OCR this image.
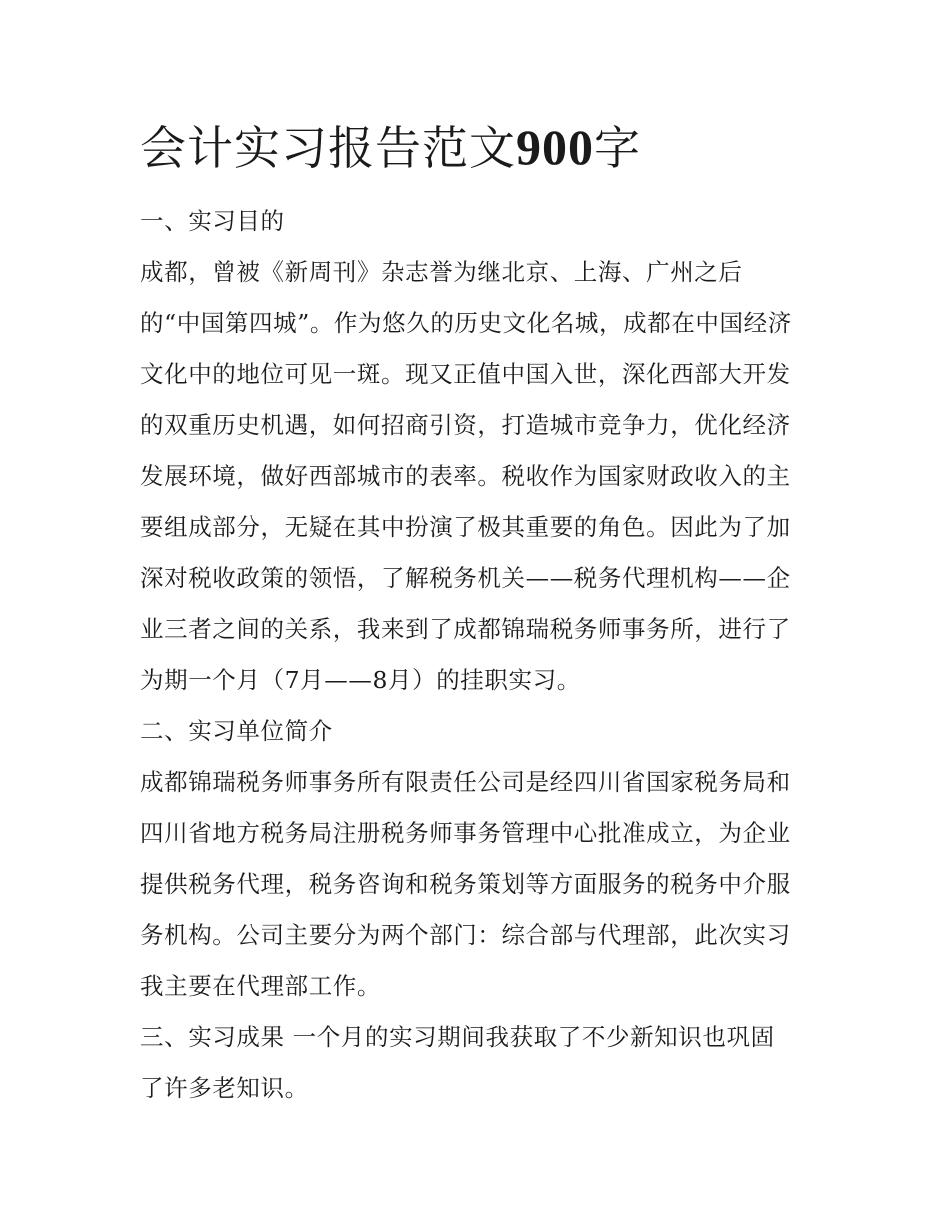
会计实习报告范文900字
一、实习目的
成都，曾被《新周刊》杂志誉为继北京、上海、广州之后
的“中国第四城”。作为悠久的历史文化名城，成都在中国经济
文化中的地位可见一斑。现又正值中国入世，深化西部大开发
的双重历史机遇，如何招商引资，打造城市竞争力，优化经济
发展环境，做好西部城市的表率。税收作为国家财政收入的主
要组成部分，无疑在其中扮演了极其重要的角色。因此为了加
深对税收政策的领悟，了解税务机关——税务代理机构——企
业三者之间的关系，我来到了成都锦瑞税务师事务所，进行了
为期一个月（7月——8月）的挂职实习。
二、实习单位简介
成都锦瑞税务师事务所有限责任公司是经四川省国家税务局和
四川省地方税务局注册税务师事务管理中心批准成立，为企业
提供税务代理，税务咨询和税务策划等方面服务的税务中介服
务机构。公司主要分为两个部门：综合部与代理部，此次实习
我主要在代理部工作。
三、实习成果 一个月的实习期间我获取了不少新知识也巩固
了许多老知识。
